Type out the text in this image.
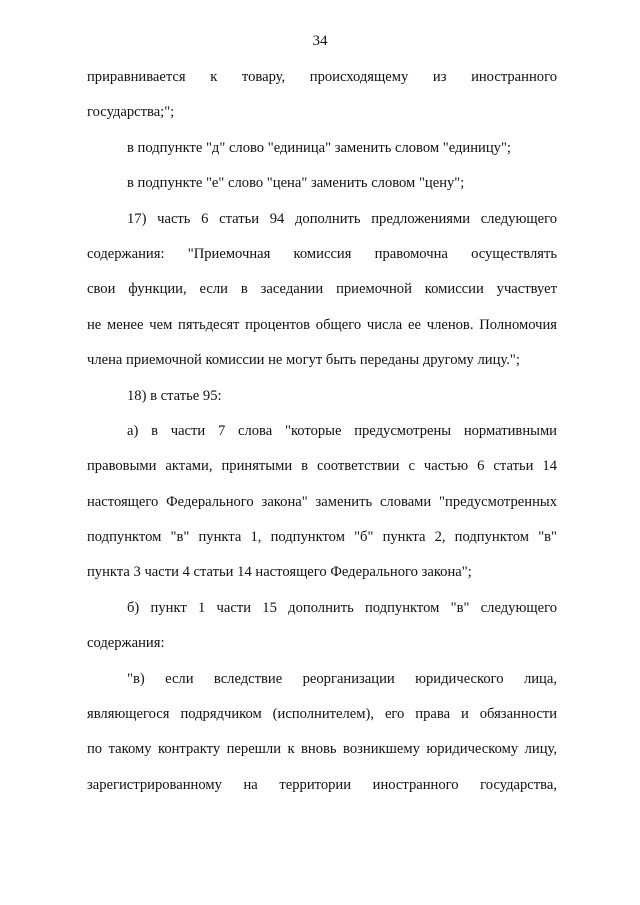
34
приравнивается к товару, происходящему из иностранного
государства;";
в подпункте "д" слово "единица" заменить словом "единицу";
в подпункте "е" слово "цена" заменить словом "цену";
17) часть 6 статьи 94 дополнить предложениями следующего
содержания: "Приемочная комиссия правомочна осуществлять
свои функции, если в заседании приемочной комиссии участвует
не менее чем пятьдесят процентов общего числа ее членов. Полномочия
члена приемочной комиссии не могут быть переданы другому лицу.";
18) в статье 95:
а) в части 7 слова "которые предусмотрены нормативными
правовыми актами, принятыми в соответствии с частью 6 статьи 14
настоящего Федерального закона" заменить словами "предусмотренных
подпунктом "в" пункта 1, подпунктом "б" пункта 2, подпунктом "в"
пункта 3 части 4 статьи 14 настоящего Федерального закона";
б) пункт 1 части 15 дополнить подпунктом "в" следующего
содержания:
"в) если вследствие реорганизации юридического лица,
являющегося подрядчиком (исполнителем), его права и обязанности
по такому контракту перешли к вновь возникшему юридическому лицу,
зарегистрированному на территории иностранного государства,
